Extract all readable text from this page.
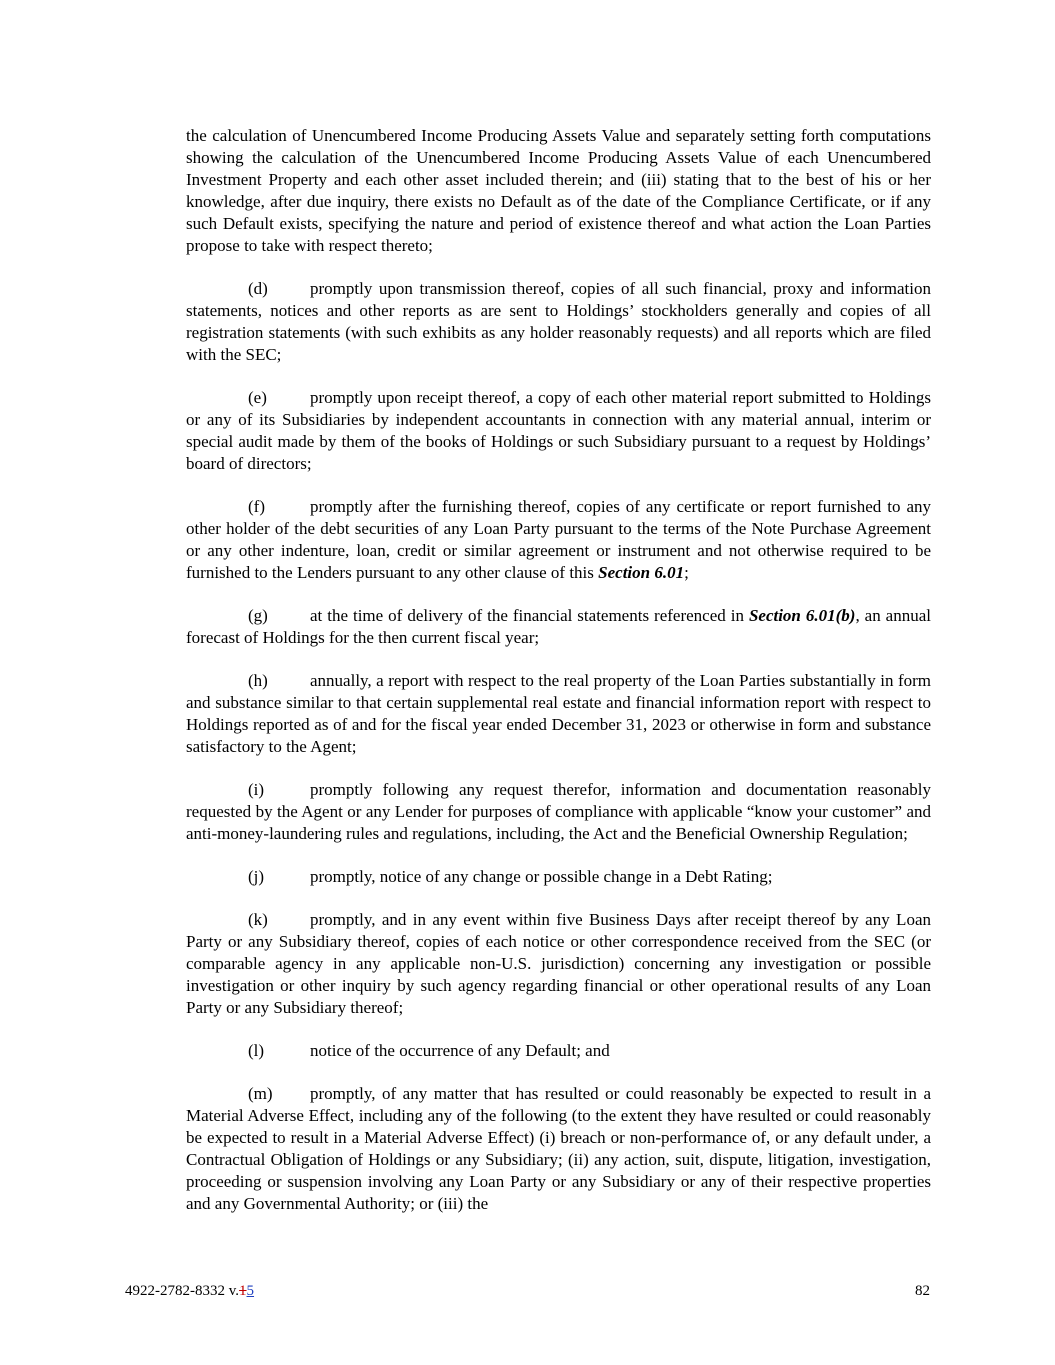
the calculation of Unencumbered Income Producing Assets Value and separately setting forth computations showing the calculation of the Unencumbered Income Producing Assets Value of each Unencumbered Investment Property and each other asset included therein; and (iii) stating that to the best of his or her knowledge, after due inquiry, there exists no Default as of the date of the Compliance Certificate, or if any such Default exists, specifying the nature and period of existence thereof and what action the Loan Parties propose to take with respect thereto;

(d) promptly upon transmission thereof, copies of all such financial, proxy and information statements, notices and other reports as are sent to Holdings’ stockholders generally and copies of all registration statements (with such exhibits as any holder reasonably requests) and all reports which are filed with the SEC;

(e)	promptly upon receipt thereof, a copy of each other material report submitted to Holdings or any of its Subsidiaries by independent accountants in connection with any material annual, interim or special audit made by them of the books of Holdings or such Subsidiary pursuant to a request by Holdings’ board of directors;

(f)	promptly after the furnishing thereof, copies of any certificate or report furnished to any other holder of the debt securities of any Loan Party pursuant to the terms of the Note Purchase Agreement or any other indenture, loan, credit or similar agreement or instrument and not otherwise required to be furnished to the Lenders pursuant to any other clause of this Section 6.01;

(g) at the time of delivery of the financial statements referenced in Section 6.01(b), an annual forecast of Holdings for the then current fiscal year;

(h) annually, a report with respect to the real property of the Loan Parties substantially in form and substance similar to that certain supplemental real estate and financial information report with respect to Holdings reported as of and for the fiscal year ended December 31, 2023 or otherwise in form and substance satisfactory to the Agent;

(i)	promptly following any request therefor, information and documentation reasonably requested by the Agent or any Lender for purposes of compliance with applicable “know your customer” and anti-money-laundering rules and regulations, including, the Act and the Beneficial Ownership Regulation;

(j)	promptly, notice of any change or possible change in a Debt Rating;

(k) promptly, and in any event within five Business Days after receipt thereof by any Loan Party or any Subsidiary thereof, copies of each notice or other correspondence received from the SEC (or comparable agency in any applicable non-U.S. jurisdiction) concerning any investigation or possible investigation or other inquiry by such agency regarding financial or other operational results of any Loan Party or any Subsidiary thereof;

(l)	notice of the occurrence of any Default; and

(m) promptly, of any matter that has resulted or could reasonably be expected to result in a Material Adverse Effect, including any of the following (to the extent they have resulted or could reasonably be expected to result in a Material Adverse Effect) (i) breach or non-performance of, or any default under, a Contractual Obligation of Holdings or any Subsidiary; (ii) any action, suit, dispute, litigation, investigation, proceeding or suspension involving any Loan Party or any Subsidiary or any of their respective properties and any Governmental Authority; or (iii) the

4922-2782-8332 v.15	82
